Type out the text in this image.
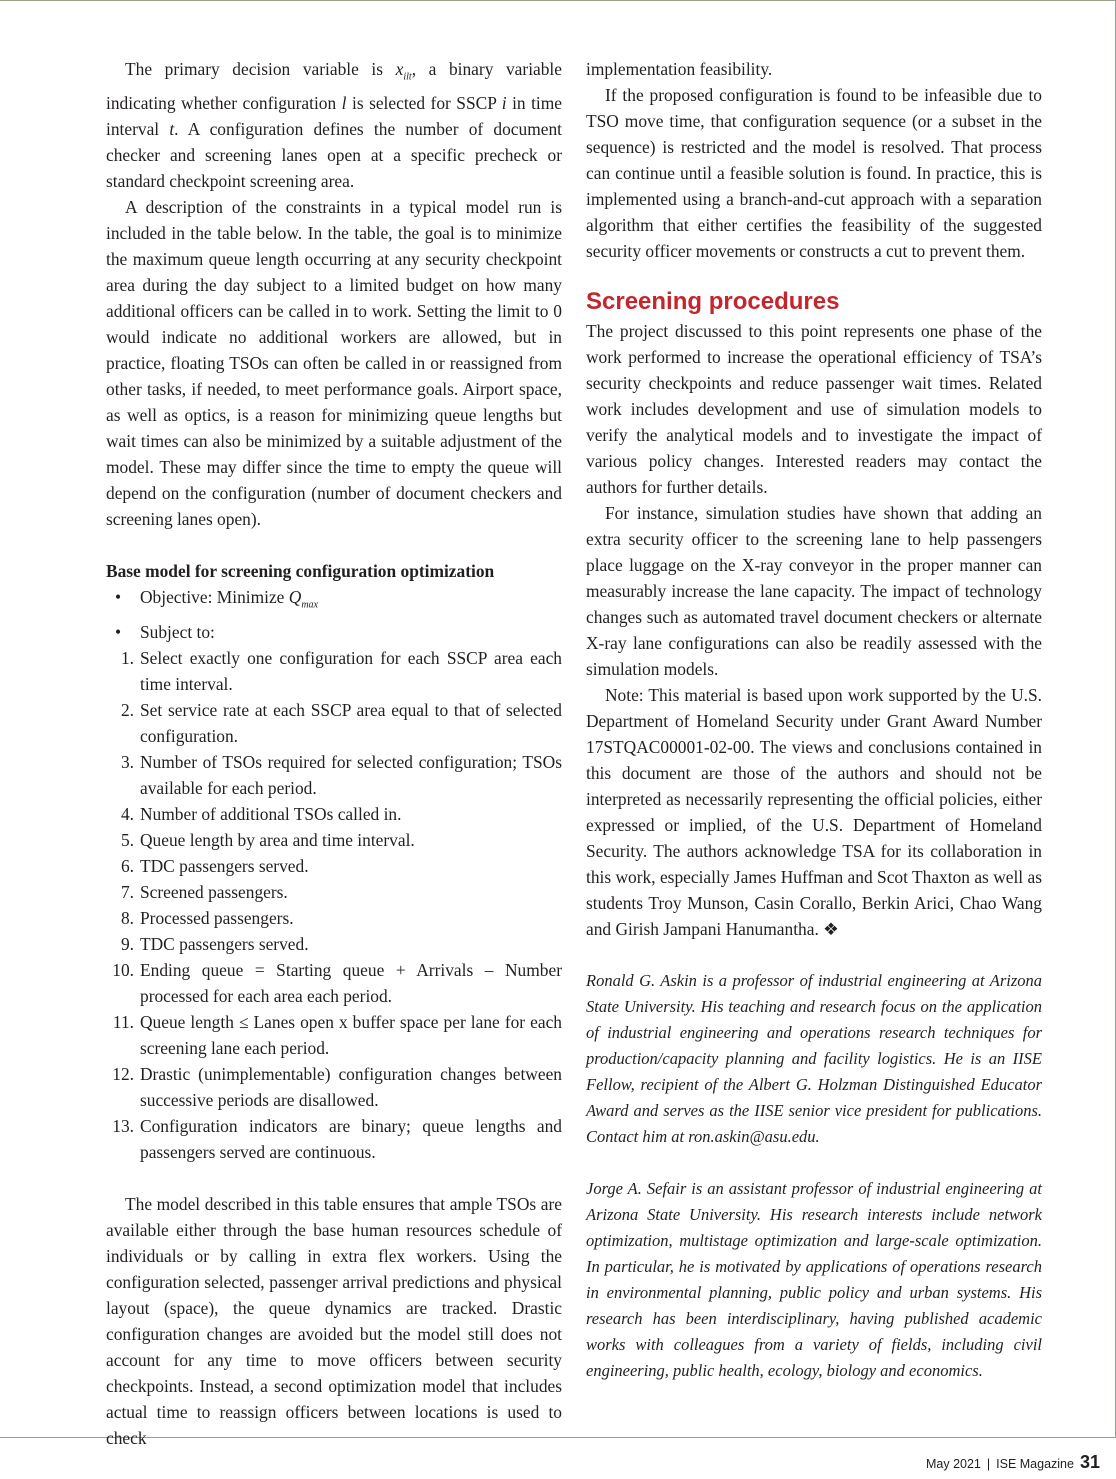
The primary decision variable is $x_{ilt}$, a binary variable indicating whether configuration l is selected for SSCP i in time interval t. A configuration defines the number of document checker and screening lanes open at a specific precheck or standard checkpoint screening area.

A description of the constraints in a typical model run is included in the table below. In the table, the goal is to minimize the maximum queue length occurring at any security checkpoint area during the day subject to a limited budget on how many additional officers can be called in to work. Setting the limit to 0 would indicate no additional workers are allowed, but in practice, floating TSOs can often be called in or reassigned from other tasks, if needed, to meet performance goals. Airport space, as well as optics, is a reason for minimizing queue lengths but wait times can also be minimized by a suitable adjustment of the model. These may differ since the time to empty the queue will depend on the configuration (number of document checkers and screening lanes open).

Base model for screening configuration optimization
• Objective: Minimize $Q_{max}$
• Subject to:
1. Select exactly one configuration for each SSCP area each time interval.
2. Set service rate at each SSCP area equal to that of selected configuration.
3. Number of TSOs required for selected configuration; TSOs available for each period.
4. Number of additional TSOs called in.
5. Queue length by area and time interval.
6. TDC passengers served.
7. Screened passengers.
8. Processed passengers.
9. TDC passengers served.
10. Ending queue = Starting queue + Arrivals – Number processed for each area each period.
11. Queue length ≤ Lanes open x buffer space per lane for each screening lane each period.
12. Drastic (unimplementable) configuration changes between successive periods are disallowed.
13. Configuration indicators are binary; queue lengths and passengers served are continuous.

The model described in this table ensures that ample TSOs are available either through the base human resources schedule of individuals or by calling in extra flex workers. Using the configuration selected, passenger arrival predictions and physical layout (space), the queue dynamics are tracked. Drastic configuration changes are avoided but the model still does not account for any time to move officers between security checkpoints. Instead, a second optimization model that includes actual time to reassign officers between locations is used to check

implementation feasibility.

If the proposed configuration is found to be infeasible due to TSO move time, that configuration sequence (or a subset in the sequence) is restricted and the model is resolved. That process can continue until a feasible solution is found. In practice, this is implemented using a branch-and-cut approach with a separation algorithm that either certifies the feasibility of the suggested security officer movements or constructs a cut to prevent them.

Screening procedures

The project discussed to this point represents one phase of the work performed to increase the operational efficiency of TSA’s security checkpoints and reduce passenger wait times. Related work includes development and use of simulation models to verify the analytical models and to investigate the impact of various policy changes. Interested readers may contact the authors for further details.

For instance, simulation studies have shown that adding an extra security officer to the screening lane to help passengers place luggage on the X-ray conveyor in the proper manner can measurably increase the lane capacity. The impact of technology changes such as automated travel document checkers or alternate X-ray lane configurations can also be readily assessed with the simulation models.

Note: This material is based upon work supported by the U.S. Department of Homeland Security under Grant Award Number 17STQAC00001-02-00. The views and conclusions contained in this document are those of the authors and should not be interpreted as necessarily representing the official policies, either expressed or implied, of the U.S. Department of Homeland Security. The authors acknowledge TSA for its collaboration in this work, especially James Huffman and Scot Thaxton as well as students Troy Munson, Casin Corallo, Berkin Arici, Chao Wang and Girish Jampani Hanumantha. ❖

Ronald G. Askin is a professor of industrial engineering at Arizona State University. His teaching and research focus on the application of industrial engineering and operations research techniques for production/capacity planning and facility logistics. He is an IISE Fellow, recipient of the Albert G. Holzman Distinguished Educator Award and serves as the IISE senior vice president for publications. Contact him at ron.askin@asu.edu.

Jorge A. Sefair is an assistant professor of industrial engineering at Arizona State University. His research interests include network optimization, multistage optimization and large-scale optimization. In particular, he is motivated by applications of operations research in environmental planning, public policy and urban systems. His research has been interdisciplinary, having published academic works with colleagues from a variety of fields, including civil engineering, public health, ecology, biology and economics.

May 2021 | ISE Magazine 31
